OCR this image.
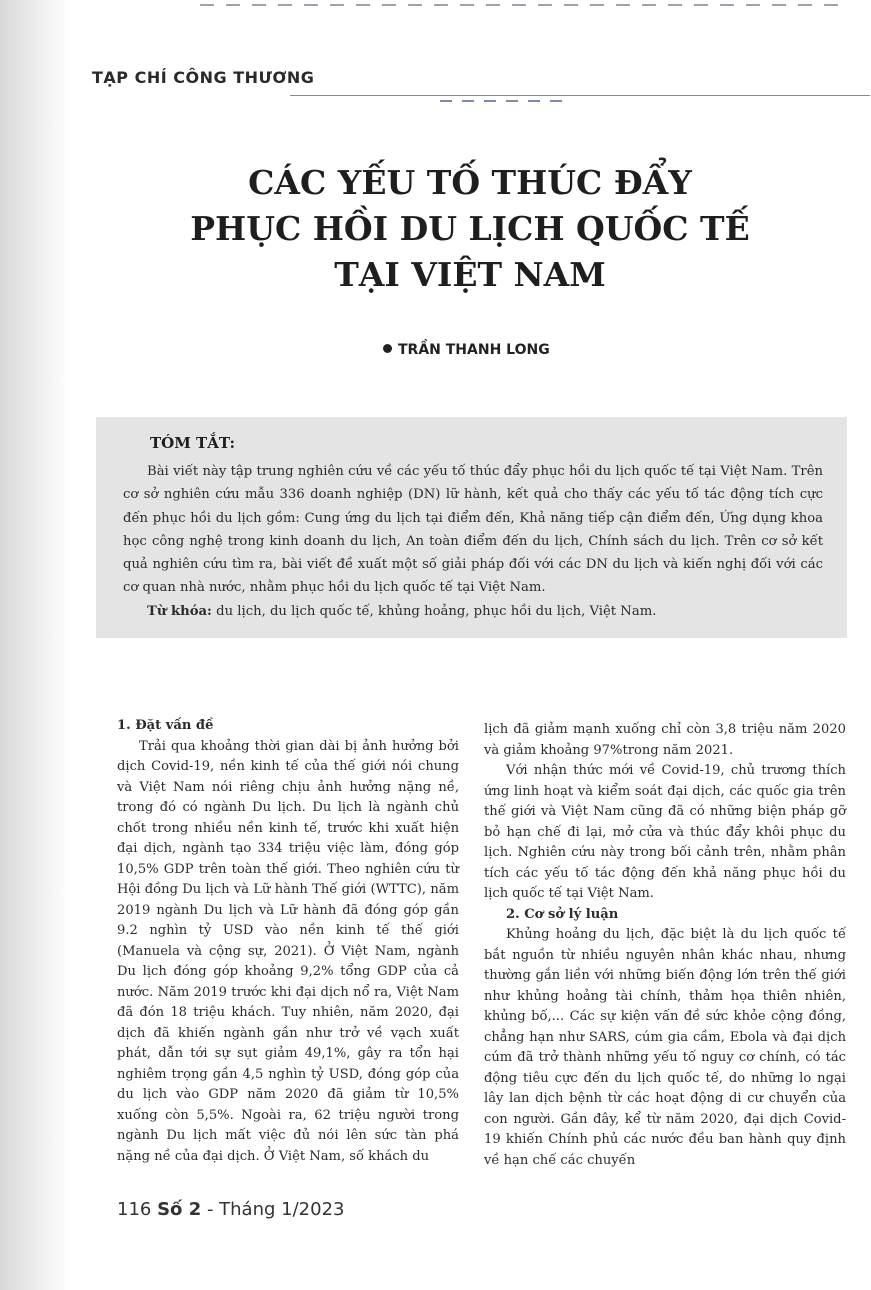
TẠP CHÍ CÔNG THƯƠNG
CÁC YẾU TỐ THÚC ĐẨY
PHỤC HỒI DU LỊCH QUỐC TẾ
TẠI VIỆT NAM
TRẦN THANH LONG
TÓM TẮT:

Bài viết này tập trung nghiên cứu về các yếu tố thúc đẩy phục hồi du lịch quốc tế tại Việt Nam. Trên cơ sở nghiên cứu mẫu 336 doanh nghiệp (DN) lữ hành, kết quả cho thấy các yếu tố tác động tích cực đến phục hồi du lịch gồm: Cung ứng du lịch tại điểm đến, Khả năng tiếp cận điểm đến, Ứng dụng khoa học công nghệ trong kinh doanh du lịch, An toàn điểm đến du lịch, Chính sách du lịch. Trên cơ sở kết quả nghiên cứu tìm ra, bài viết đề xuất một số giải pháp đối với các DN du lịch và kiến nghị đối với các cơ quan nhà nước, nhằm phục hồi du lịch quốc tế tại Việt Nam.

Từ khóa: du lịch, du lịch quốc tế, khủng hoảng, phục hồi du lịch, Việt Nam.

1. Đặt vấn đề

Trải qua khoảng thời gian dài bị ảnh hưởng bởi dịch Covid-19, nền kinh tế của thế giới nói chung và Việt Nam nói riêng chịu ảnh hưởng nặng nề, trong đó có ngành Du lịch. Du lịch là ngành chủ chốt trong nhiều nền kinh tế, trước khi xuất hiện đại dịch, ngành tạo 334 triệu việc làm, đóng góp 10,5% GDP trên toàn thế giới. Theo nghiên cứu từ Hội đồng Du lịch và Lữ hành Thế giới (WTTC), năm 2019 ngành Du lịch và Lữ hành đã đóng góp gần 9.2 nghìn tỷ USD vào nền kinh tế thế giới (Manuela và cộng sự, 2021). Ở Việt Nam, ngành Du lịch đóng góp khoảng 9,2% tổng GDP của cả nước. Năm 2019 trước khi đại dịch nổ ra, Việt Nam đã đón 18 triệu khách. Tuy nhiên, năm 2020, đại dịch đã khiến ngành gần như trở về vạch xuất phát, dẫn tới sự sụt giảm 49,1%, gây ra tổn hại nghiêm trọng gần 4,5 nghìn tỷ USD, đóng góp của du lịch vào GDP năm 2020 đã giảm từ 10,5% xuống còn 5,5%. Ngoài ra, 62 triệu người trong ngành Du lịch mất việc đủ nói lên sức tàn phá nặng nề của đại dịch. Ở Việt Nam, số khách du

lịch đã giảm mạnh xuống chỉ còn 3,8 triệu năm 2020 và giảm khoảng 97%trong năm 2021.

Với nhận thức mới về Covid-19, chủ trương thích ứng linh hoạt và kiểm soát đại dịch, các quốc gia trên thế giới và Việt Nam cũng đã có những biện pháp gỡ bỏ hạn chế đi lại, mở cửa và thúc đẩy khôi phục du lịch. Nghiên cứu này trong bối cảnh trên, nhằm phân tích các yếu tố tác động đến khả năng phục hồi du lịch quốc tế tại Việt Nam.

2. Cơ sở lý luận

Khủng hoảng du lịch, đặc biệt là du lịch quốc tế bắt nguồn từ nhiều nguyên nhân khác nhau, nhưng thường gắn liền với những biến động lớn trên thế giới như khủng hoảng tài chính, thảm họa thiên nhiên, khủng bố,... Các sự kiện vấn đề sức khỏe cộng đồng, chẳng hạn như SARS, cúm gia cầm, Ebola và đại dịch cúm đã trở thành những yếu tố nguy cơ chính, có tác động tiêu cực đến du lịch quốc tế, do những lo ngại lây lan dịch bệnh từ các hoạt động di cư chuyển của con người. Gần đây, kể từ năm 2020, đại dịch Covid-19 khiến Chính phủ các nước đều ban hành quy định về hạn chế các chuyến

116 Số 2 - Tháng 1/2023
